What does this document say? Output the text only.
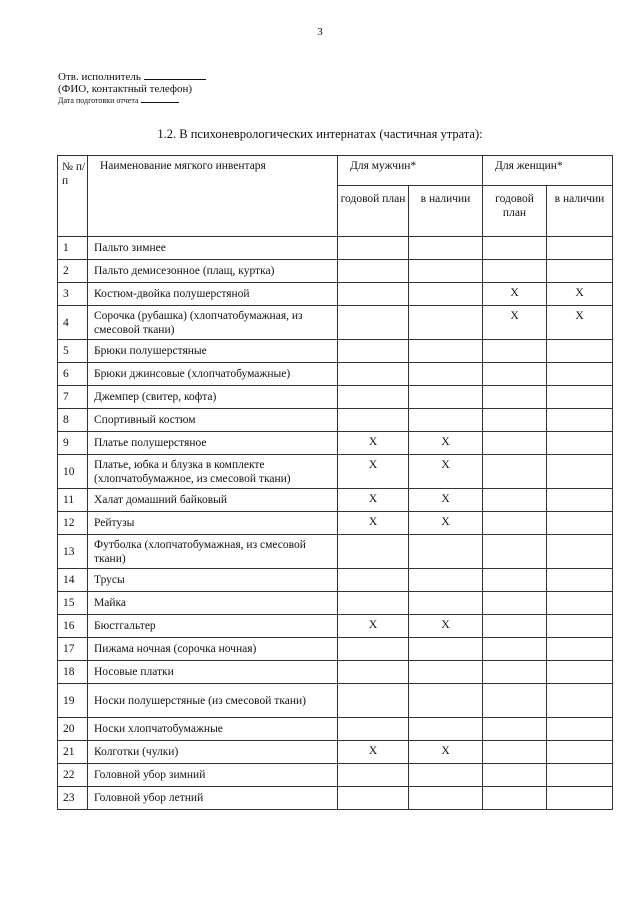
3
Отв. исполнитель
(ФИО, контактный телефон)
Дата подготовки отчета
1.2. В психоневрологических интернатах (частичная утрата):
№ п/п	Наименование мягкого инвентаря	Для мужчин*		Для женщин*	
		годовой план	в наличии	годовой план	в наличии
1	Пальто зимнее				
2	Пальто демисезонное (плащ, куртка)				
3	Костюм-двойка полушерстяной			X	X
4	Сорочка (рубашка) (хлопчатобумажная, из смесовой ткани)			X	X
5	Брюки полушерстяные				
6	Брюки джинсовые (хлопчатобумажные)				
7	Джемпер (свитер, кофта)				
8	Спортивный костюм				
9	Платье полушерстяное	X	X		
10	Платье, юбка и блузка в комплекте (хлопчатобумажное, из смесовой ткани)	X	X		
11	Халат домашний байковый	X	X		
12	Рейтузы	X	X		
13	Футболка (хлопчатобумажная, из смесовой ткани)				
14	Трусы				
15	Майка				
16	Бюстгальтер	X	X		
17	Пижама ночная (сорочка ночная)				
18	Носовые платки				
19	Носки полушерстяные (из смесовой ткани)				
20	Носки хлопчатобумажные				
21	Колготки (чулки)	X	X		
22	Головной убор зимний				
23	Головной убор летний				
